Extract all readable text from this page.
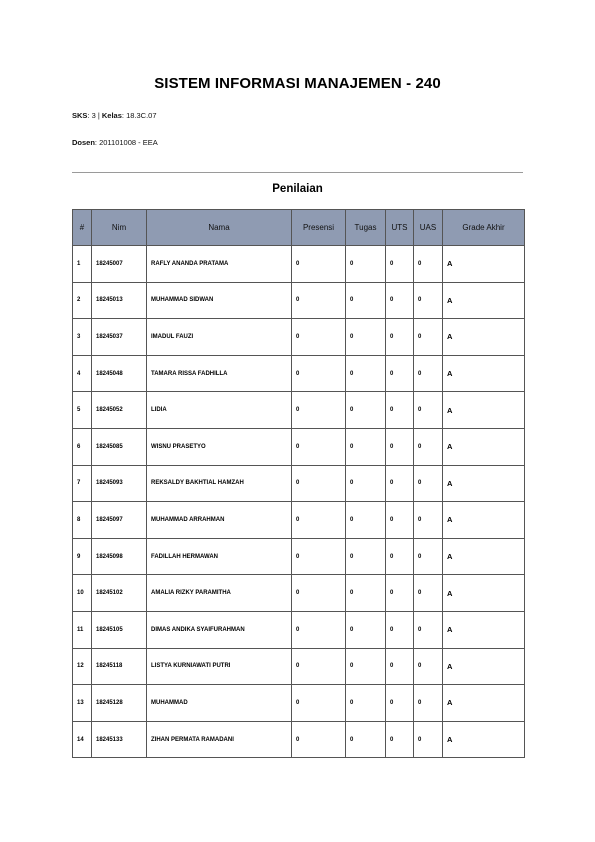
SISTEM INFORMASI MANAJEMEN - 240
SKS: 3 | Kelas: 18.3C.07
Dosen: 201101008 - EEA
Penilaian
#	Nim	Nama	Presensi	Tugas	UTS	UAS	Grade Akhir
1	18245007	RAFLY ANANDA PRATAMA	0	0	0	0	A
2	18245013	MUHAMMAD SIDWAN	0	0	0	0	A
3	18245037	IMADUL FAUZI	0	0	0	0	A
4	18245048	TAMARA RISSA FADHILLA	0	0	0	0	A
5	18245052	LIDIA	0	0	0	0	A
6	18245085	WISNU PRASETYO	0	0	0	0	A
7	18245093	REKSALDY BAKHTIAL HAMZAH	0	0	0	0	A
8	18245097	MUHAMMAD ARRAHMAN	0	0	0	0	A
9	18245098	FADILLAH HERMAWAN	0	0	0	0	A
10	18245102	AMALIA RIZKY PARAMITHA	0	0	0	0	A
11	18245105	DIMAS ANDIKA SYAIFURAHMAN	0	0	0	0	A
12	18245118	LISTYA KURNIAWATI PUTRI	0	0	0	0	A
13	18245128	MUHAMMAD	0	0	0	0	A
14	18245133	ZIHAN PERMATA RAMADANI	0	0	0	0	A
